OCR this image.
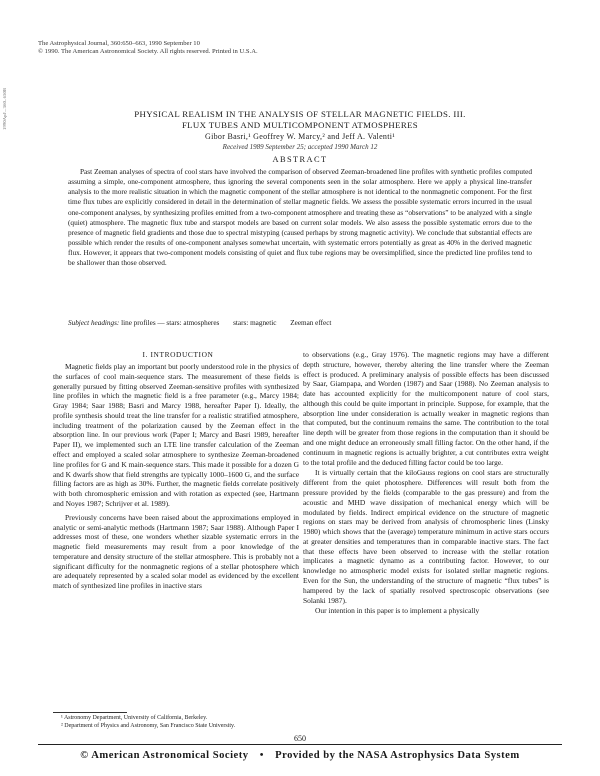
1990ApJ...360..650B
The Astrophysical Journal, 360:650–663, 1990 September 10
© 1990. The American Astronomical Society. All rights reserved. Printed in U.S.A.
PHYSICAL REALISM IN THE ANALYSIS OF STELLAR MAGNETIC FIELDS. III.
FLUX TUBES AND MULTICOMPONENT ATMOSPHERES
Gibor Basri,¹ Geoffrey W. Marcy,² and Jeff A. Valenti¹
Received 1989 September 25; accepted 1990 March 12
ABSTRACT

Past Zeeman analyses of spectra of cool stars have involved the comparison of observed Zeeman-broadened line profiles with synthetic profiles computed assuming a simple, one-component atmosphere, thus ignoring the several components seen in the solar atmosphere. Here we apply a physical line-transfer analysis to the more realistic situation in which the magnetic component of the stellar atmosphere is not identical to the nonmagnetic component. For the first time flux tubes are explicitly considered in detail in the determination of stellar magnetic fields. We assess the possible systematic errors incurred in the usual one-component analyses, by synthesizing profiles emitted from a two-component atmosphere and treating these as “observations” to be analyzed with a single (quiet) atmosphere. The magnetic flux tube and starspot models are based on current solar models. We also assess the possible systematic errors due to the presence of magnetic field gradients and those due to spectral mistyping (caused perhaps by strong magnetic activity). We conclude that substantial effects are possible which render the results of one-component analyses somewhat uncertain, with systematic errors potentially as great as 40% in the derived magnetic flux. However, it appears that two-component models consisting of quiet and flux tube regions may be oversimplified, since the predicted line profiles tend to be shallower than those observed.

Subject headings: line profiles — stars: atmospheres stars: magnetic Zeeman effect
I. INTRODUCTION

Magnetic fields play an important but poorly understood role in the physics of the surfaces of cool main-sequence stars. The measurement of these fields is generally pursued by fitting observed Zeeman-sensitive profiles with synthesized line profiles in which the magnetic field is a free parameter (e.g., Marcy 1984; Gray 1984; Saar 1988; Basri and Marcy 1988, hereafter Paper I). Ideally, the profile synthesis should treat the line transfer for a realistic stratified atmosphere, including treatment of the polarization caused by the Zeeman effect in the absorption line. In our previous work (Paper I; Marcy and Basri 1989, hereafter Paper II), we implemented such an LTE line transfer calculation of the Zeeman effect and employed a scaled solar atmosphere to synthesize Zeeman-broadened line profiles for G and K main-sequence stars. This made it possible for a dozen G and K dwarfs show that field strengths are typically 1000–1600 G, and the surface filling factors are as high as 30%. Further, the magnetic fields correlate positively with both chromospheric emission and with rotation as expected (see, Hartmann and Noyes 1987; Schrijver et al. 1989).

Previously concerns have been raised about the approximations employed in analytic or semi-analytic methods (Hartmann 1987; Saar 1988). Although Paper I addresses most of these, one wonders whether sizable systematic errors in the magnetic field measurements may result from a poor knowledge of the temperature and density structure of the stellar atmosphere. This is probably not a significant difficulty for the nonmagnetic regions of a stellar photosphere which are adequately represented by a scaled solar model as evidenced by the excellent match of synthesized line profiles in inactive stars

to observations (e.g., Gray 1976). The magnetic regions may have a different depth structure, however, thereby altering the line transfer where the Zeeman effect is produced. A preliminary analysis of possible effects has been discussed by Saar, Giampapa, and Worden (1987) and Saar (1988). No Zeeman analysis to date has accounted explicitly for the multicomponent nature of cool stars, although this could be quite important in principle. Suppose, for example, that the absorption line under consideration is actually weaker in magnetic regions than that computed, but the continuum remains the same. The contribution to the total line depth will be greater from those regions in the computation than it should be and one might deduce an erroneously small filling factor. On the other hand, if the continuum in magnetic regions is actually brighter, a cut contributes extra weight to the total profile and the deduced filling factor could be too large.

It is virtually certain that the kiloGauss regions on cool stars are structurally different from the quiet photosphere. Differences will result both from the pressure provided by the fields (comparable to the gas pressure) and from the acoustic and MHD wave dissipation of mechanical energy which will be modulated by fields. Indirect empirical evidence on the structure of magnetic regions on stars may be derived from analysis of chromospheric lines (Linsky 1980) which shows that the (average) temperature minimum in active stars occurs at greater densities and temperatures than in comparable inactive stars. The fact that these effects have been observed to increase with the stellar rotation implicates a magnetic dynamo as a contributing factor. However, to our knowledge no atmospheric model exists for isolated stellar magnetic regions. Even for the Sun, the understanding of the structure of magnetic “flux tubes” is hampered by the lack of spatially resolved spectroscopic observations (see Solanki 1987).

Our intention in this paper is to implement a physically

¹ Astronomy Department, University of California, Berkeley.
² Department of Physics and Astronomy, San Francisco State University.
650
© American Astronomical Society • Provided by the NASA Astrophysics Data System
